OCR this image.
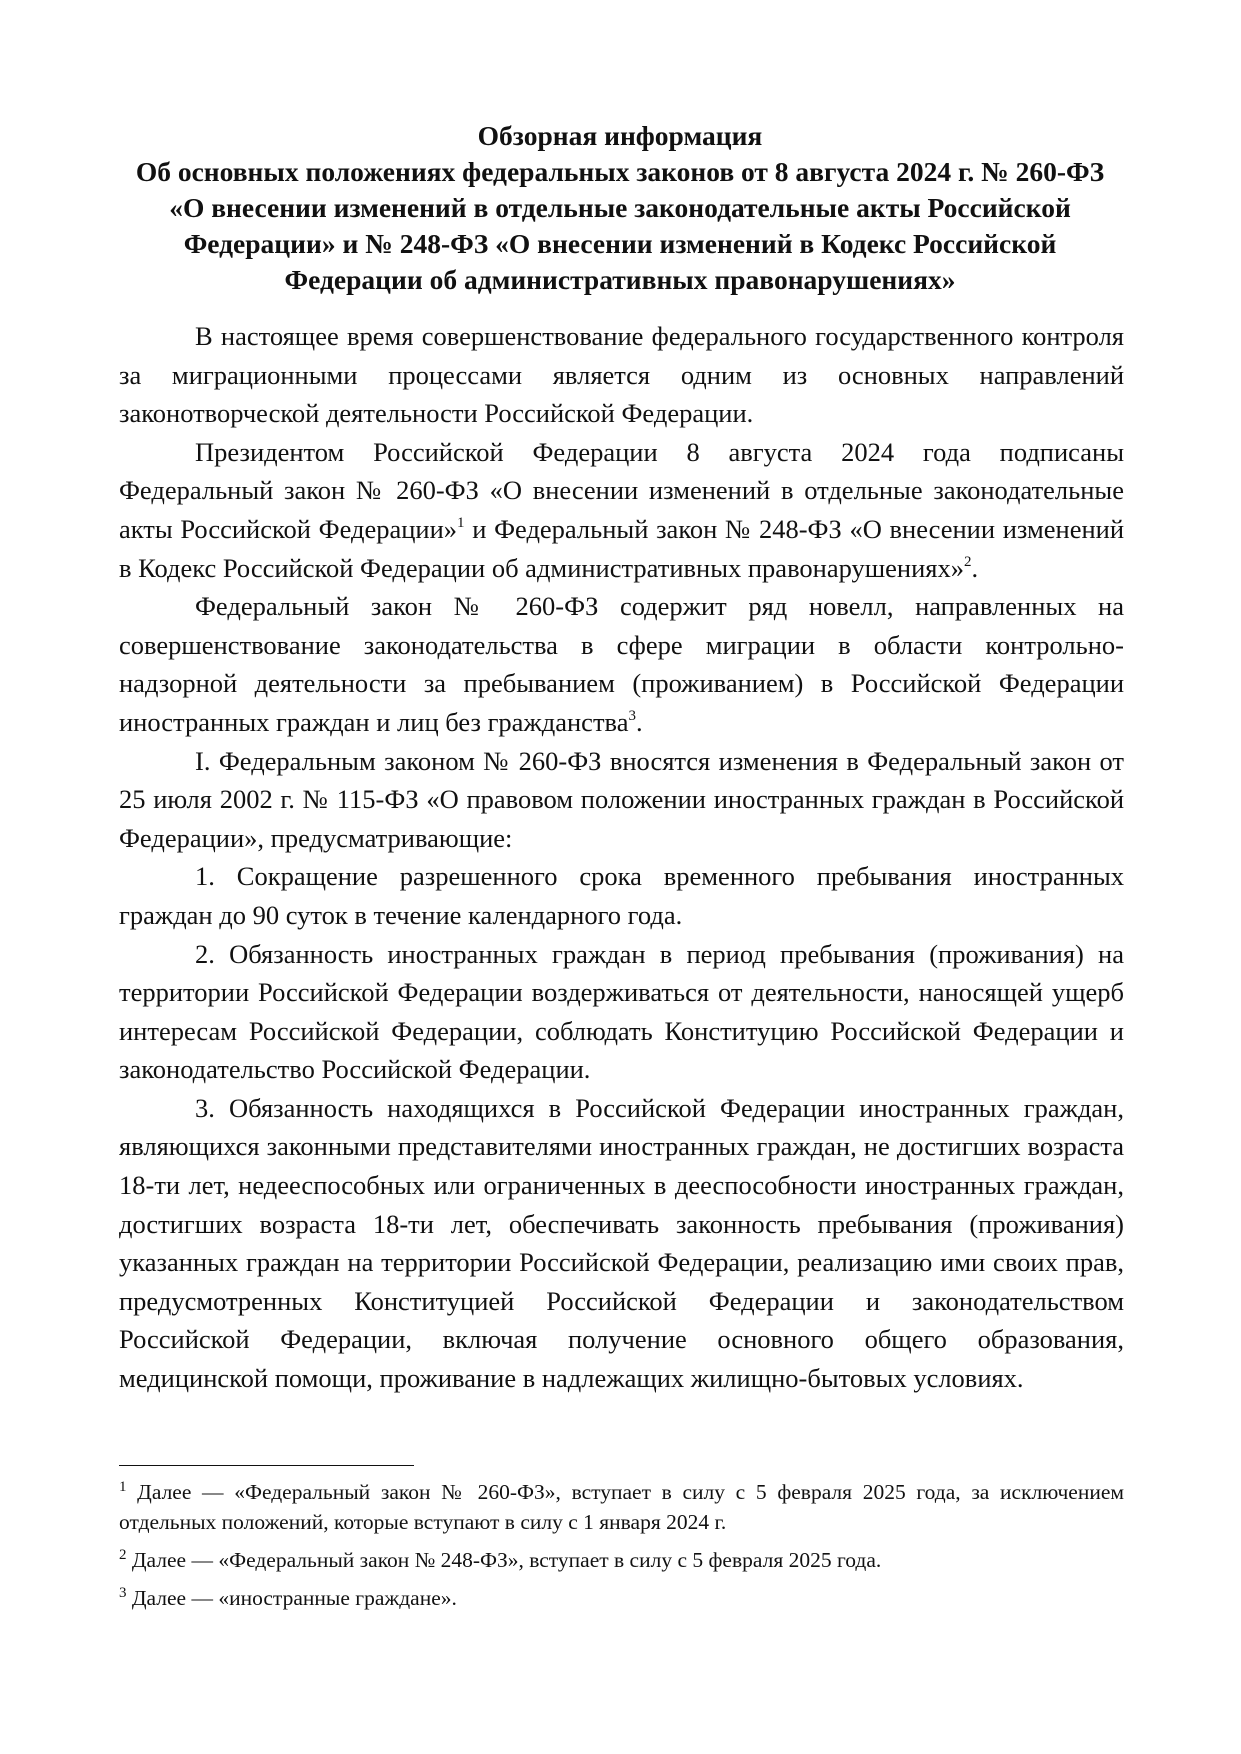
Обзорная информация
Об основных положениях федеральных законов от 8 августа 2024 г. № 260-ФЗ
«О внесении изменений в отдельные законодательные акты Российской
Федерации» и № 248-ФЗ «О внесении изменений в Кодекс Российской
Федерации об административных правонарушениях»

В настоящее время совершенствование федерального государственного контроля за миграционными процессами является одним из основных направлений законотворческой деятельности Российской Федерации.

Президентом Российской Федерации 8 августа 2024 года подписаны Федеральный закон № 260-ФЗ «О внесении изменений в отдельные законодательные акты Российской Федерации»$^1$ и Федеральный закон № 248-ФЗ «О внесении изменений в Кодекс Российской Федерации об административных правонарушениях»$^2$.

Федеральный закон № 260-ФЗ содержит ряд новелл, направленных на совершенствование законодательства в сфере миграции в области контрольно-надзорной деятельности за пребыванием (проживанием) в Российской Федерации иностранных граждан и лиц без гражданства$^3$.

I. Федеральным законом № 260-ФЗ вносятся изменения в Федеральный закон от 25 июля 2002 г. № 115-ФЗ «О правовом положении иностранных граждан в Российской Федерации», предусматривающие:

1. Сокращение разрешенного срока временного пребывания иностранных граждан до 90 суток в течение календарного года.

2. Обязанность иностранных граждан в период пребывания (проживания) на территории Российской Федерации воздерживаться от деятельности, наносящей ущерб интересам Российской Федерации, соблюдать Конституцию Российской Федерации и законодательство Российской Федерации.

3. Обязанность находящихся в Российской Федерации иностранных граждан, являющихся законными представителями иностранных граждан, не достигших возраста 18-ти лет, недееспособных или ограниченных в дееспособности иностранных граждан, достигших возраста 18-ти лет, обеспечивать законность пребывания (проживания) указанных граждан на территории Российской Федерации, реализацию ими своих прав, предусмотренных Конституцией Российской Федерации и законодательством Российской Федерации, включая получение основного общего образования, медицинской помощи, проживание в надлежащих жилищно-бытовых условиях.

$^1$ Далее — «Федеральный закон № 260-ФЗ», вступает в силу с 5 февраля 2025 года, за исключением отдельных положений, которые вступают в силу с 1 января 2024 г.

$^2$ Далее — «Федеральный закон № 248-ФЗ», вступает в силу с 5 февраля 2025 года.

$^3$ Далее — «иностранные граждане».
